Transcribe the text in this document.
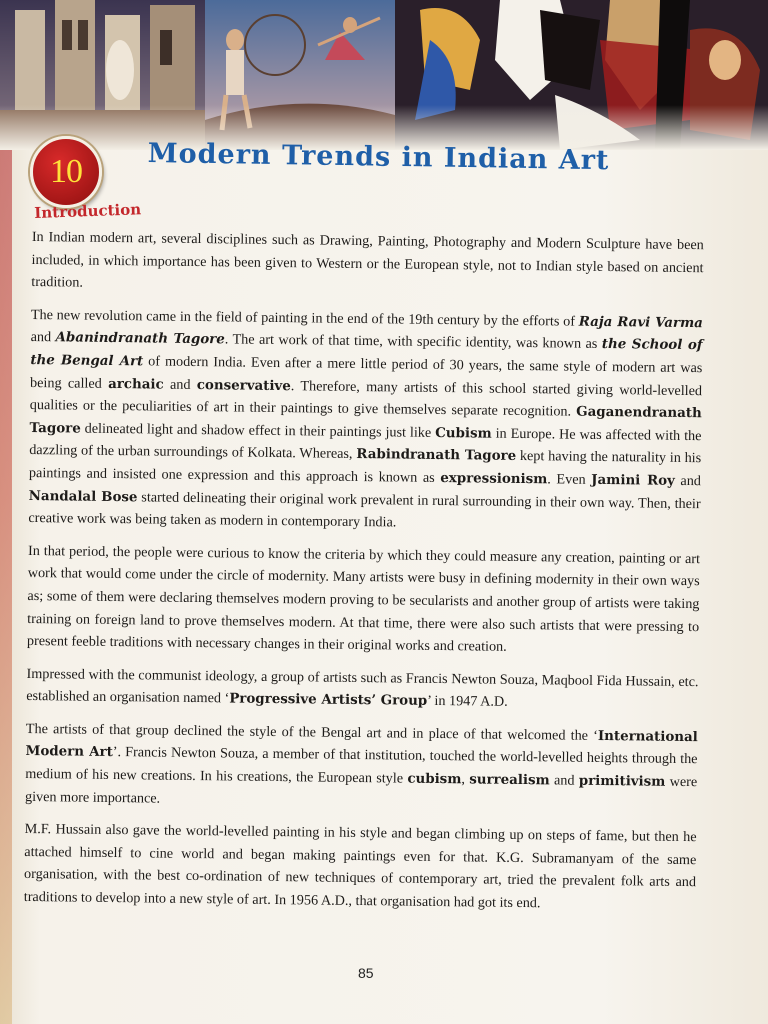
10 Modern Trends in Indian Art
Introduction

In Indian modern art, several disciplines such as Drawing, Painting, Photography and Modern Sculpture have been included, in which importance has been given to Western or the European style, not to Indian style based on ancient tradition.

The new revolution came in the field of painting in the end of the 19th century by the efforts of Raja Ravi Varma and Abanindranath Tagore. The art work of that time, with specific identity, was known as the School of the Bengal Art of modern India. Even after a mere little period of 30 years, the same style of modern art was being called archaic and conservative. Therefore, many artists of this school started giving world-levelled qualities or the peculiarities of art in their paintings to give themselves separate recognition. Gaganendranath Tagore delineated light and shadow effect in their paintings just like Cubism in Europe. He was affected with the dazzling of the urban surroundings of Kolkata. Whereas, Rabindranath Tagore kept having the naturality in his paintings and insisted one expression and this approach is known as expressionism. Even Jamini Roy and Nandalal Bose started delineating their original work prevalent in rural surrounding in their own way. Then, their creative work was being taken as modern in contemporary India.

In that period, the people were curious to know the criteria by which they could measure any creation, painting or art work that would come under the circle of modernity. Many artists were busy in defining modernity in their own ways as; some of them were declaring themselves modern proving to be secularists and another group of artists were taking training on foreign land to prove themselves modern. At that time, there were also such artists that were pressing to present feeble traditions with necessary changes in their original works and creation.

Impressed with the communist ideology, a group of artists such as Francis Newton Souza, Maqbool Fida Hussain, etc. established an organisation named ‘Progressive Artists’ Group’ in 1947 A.D.

The artists of that group declined the style of the Bengal art and in place of that welcomed the ‘International Modern Art’. Francis Newton Souza, a member of that institution, touched the world-levelled heights through the medium of his new creations. In his creations, the European style cubism, surrealism and primitivism were given more importance.

M.F. Hussain also gave the world-levelled painting in his style and began climbing up on steps of fame, but then he attached himself to cine world and began making paintings even for that. K.G. Subramanyam of the same organisation, with the best co-ordination of new techniques of contemporary art, tried the prevalent folk arts and traditions to develop into a new style of art. In 1956 A.D., that organisation had got its end.

85
